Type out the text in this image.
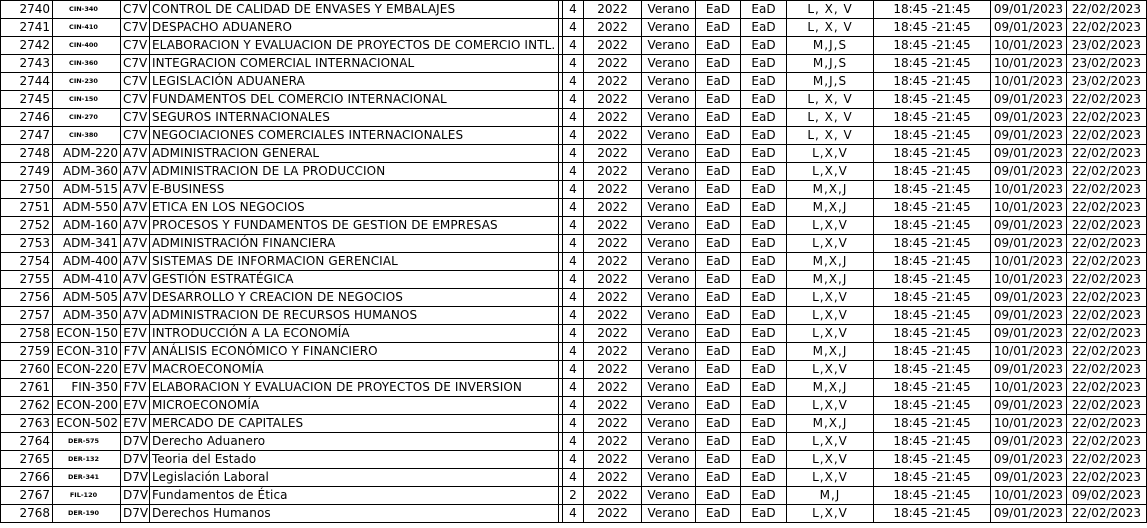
2740	CIN-340	C7V	CONTROL DE CALIDAD DE ENVASES Y EMBALAJES		4	2022	Verano	EaD	EaD	L, X, V	18:45 -21:45	09/01/2023	22/02/2023
2741	CIN-410	C7V	DESPACHO ADUANERO		4	2022	Verano	EaD	EaD	L, X, V	18:45 -21:45	09/01/2023	22/02/2023
2742	CIN-400	C7V	ELABORACION Y EVALUACION DE PROYECTOS DE COMERCIO INTL.		4	2022	Verano	EaD	EaD	M,J,S	18:45 -21:45	10/01/2023	23/02/2023
2743	CIN-360	C7V	INTEGRACION COMERCIAL INTERNACIONAL		4	2022	Verano	EaD	EaD	M,J,S	18:45 -21:45	10/01/2023	23/02/2023
2744	CIN-230	C7V	LEGISLACIÓN ADUANERA		4	2022	Verano	EaD	EaD	M,J,S	18:45 -21:45	10/01/2023	23/02/2023
2745	CIN-150	C7V	FUNDAMENTOS DEL COMERCIO INTERNACIONAL		4	2022	Verano	EaD	EaD	L, X, V	18:45 -21:45	09/01/2023	22/02/2023
2746	CIN-270	C7V	SEGUROS INTERNACIONALES		4	2022	Verano	EaD	EaD	L, X, V	18:45 -21:45	09/01/2023	22/02/2023
2747	CIN-380	C7V	NEGOCIACIONES COMERCIALES INTERNACIONALES		4	2022	Verano	EaD	EaD	L, X, V	18:45 -21:45	09/01/2023	22/02/2023
2748	ADM-220	A7V	ADMINISTRACION GENERAL		4	2022	Verano	EaD	EaD	L,X,V	18:45 -21:45	09/01/2023	22/02/2023
2749	ADM-360	A7V	ADMINISTRACION DE LA PRODUCCION		4	2022	Verano	EaD	EaD	L,X,V	18:45 -21:45	09/01/2023	22/02/2023
2750	ADM-515	A7V	E-BUSINESS		4	2022	Verano	EaD	EaD	M,X,J	18:45 -21:45	10/01/2023	22/02/2023
2751	ADM-550	A7V	ETICA EN LOS NEGOCIOS		4	2022	Verano	EaD	EaD	M,X,J	18:45 -21:45	10/01/2023	22/02/2023
2752	ADM-160	A7V	PROCESOS Y FUNDAMENTOS DE GESTION DE EMPRESAS		4	2022	Verano	EaD	EaD	L,X,V	18:45 -21:45	09/01/2023	22/02/2023
2753	ADM-341	A7V	ADMINISTRACIÓN FINANCIERA		4	2022	Verano	EaD	EaD	L,X,V	18:45 -21:45	09/01/2023	22/02/2023
2754	ADM-400	A7V	SISTEMAS DE INFORMACION GERENCIAL		4	2022	Verano	EaD	EaD	M,X,J	18:45 -21:45	10/01/2023	22/02/2023
2755	ADM-410	A7V	GESTIÓN ESTRATÉGICA		4	2022	Verano	EaD	EaD	M,X,J	18:45 -21:45	10/01/2023	22/02/2023
2756	ADM-505	A7V	DESARROLLO Y CREACION DE NEGOCIOS		4	2022	Verano	EaD	EaD	L,X,V	18:45 -21:45	09/01/2023	22/02/2023
2757	ADM-350	A7V	ADMINISTRACION DE RECURSOS HUMANOS		4	2022	Verano	EaD	EaD	L,X,V	18:45 -21:45	09/01/2023	22/02/2023
2758	ECON-150	E7V	INTRODUCCIÓN A LA ECONOMÍA		4	2022	Verano	EaD	EaD	L,X,V	18:45 -21:45	09/01/2023	22/02/2023
2759	ECON-310	F7V	ANÁLISIS ECONÓMICO Y FINANCIERO		4	2022	Verano	EaD	EaD	M,X,J	18:45 -21:45	10/01/2023	22/02/2023
2760	ECON-220	E7V	MACROECONOMÍA		4	2022	Verano	EaD	EaD	L,X,V	18:45 -21:45	09/01/2023	22/02/2023
2761	FIN-350	F7V	ELABORACION Y EVALUACION DE PROYECTOS DE INVERSION		4	2022	Verano	EaD	EaD	M,X,J	18:45 -21:45	10/01/2023	22/02/2023
2762	ECON-200	E7V	MICROECONOMÍA		4	2022	Verano	EaD	EaD	L,X,V	18:45 -21:45	09/01/2023	22/02/2023
2763	ECON-502	E7V	MERCADO DE CAPITALES		4	2022	Verano	EaD	EaD	M,X,J	18:45 -21:45	10/01/2023	22/02/2023
2764	DER-575	D7V	Derecho Aduanero		4	2022	Verano	EaD	EaD	L,X,V	18:45 -21:45	09/01/2023	22/02/2023
2765	DER-132	D7V	Teoria del Estado		4	2022	Verano	EaD	EaD	L,X,V	18:45 -21:45	09/01/2023	22/02/2023
2766	DER-341	D7V	Legislación Laboral		4	2022	Verano	EaD	EaD	L,X,V	18:45 -21:45	09/01/2023	22/02/2023
2767	FIL-120	D7V	Fundamentos de Ética		2	2022	Verano	EaD	EaD	M,J	18:45 -21:45	10/01/2023	09/02/2023
2768	DER-190	D7V	Derechos Humanos		4	2022	Verano	EaD	EaD	L,X,V	18:45 -21:45	09/01/2023	22/02/2023
